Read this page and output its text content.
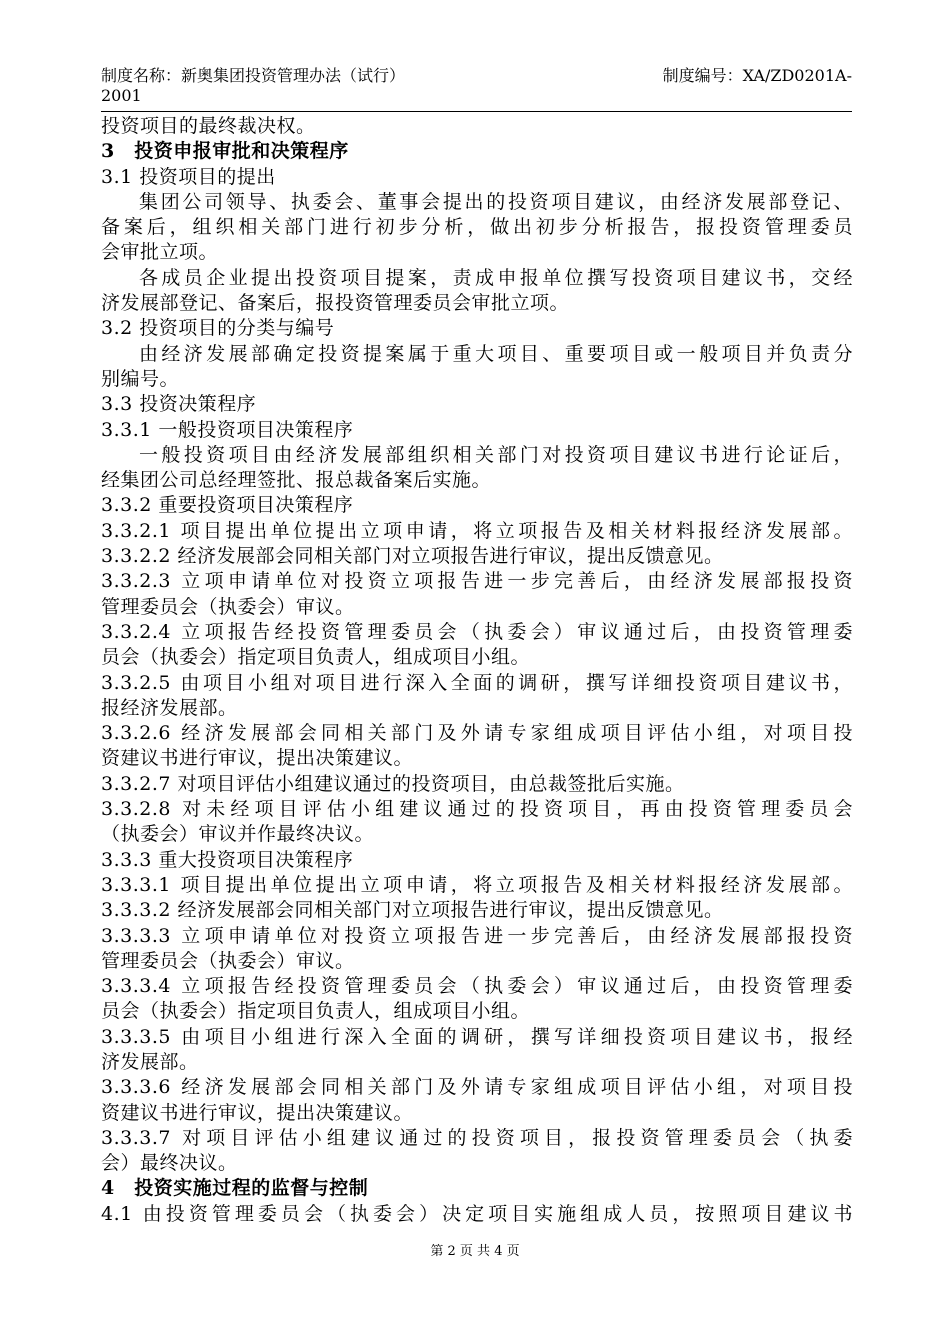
制度名称：新奥集团投资管理办法（试行）	制度编号：XA/ZD0201A-
2001
投资项目的最终裁决权。
3　投资申报审批和决策程序
3.1 投资项目的提出
集团公司领导、执委会、董事会提出的投资项目建议，由经济发展部登记、
备案后，组织相关部门进行初步分析，做出初步分析报告，报投资管理委员
会审批立项。
各成员企业提出投资项目提案，责成申报单位撰写投资项目建议书，交经
济发展部登记、备案后，报投资管理委员会审批立项。
3.2 投资项目的分类与编号
由经济发展部确定投资提案属于重大项目、重要项目或一般项目并负责分
别编号。
3.3 投资决策程序
3.3.1 一般投资项目决策程序
一般投资项目由经济发展部组织相关部门对投资项目建议书进行论证后，
经集团公司总经理签批、报总裁备案后实施。
3.3.2 重要投资项目决策程序
3.3.2.1 项目提出单位提出立项申请，将立项报告及相关材料报经济发展部。
3.3.2.2 经济发展部会同相关部门对立项报告进行审议，提出反馈意见。
3.3.2.3 立项申请单位对投资立项报告进一步完善后，由经济发展部报投资
管理委员会（执委会）审议。
3.3.2.4 立项报告经投资管理委员会（执委会）审议通过后，由投资管理委
员会（执委会）指定项目负责人，组成项目小组。
3.3.2.5 由项目小组对项目进行深入全面的调研，撰写详细投资项目建议书，
报经济发展部。
3.3.2.6 经济发展部会同相关部门及外请专家组成项目评估小组，对项目投
资建议书进行审议，提出决策建议。
3.3.2.7 对项目评估小组建议通过的投资项目，由总裁签批后实施。
3.3.2.8 对未经项目评估小组建议通过的投资项目，再由投资管理委员会
（执委会）审议并作最终决议。
3.3.3 重大投资项目决策程序
3.3.3.1 项目提出单位提出立项申请，将立项报告及相关材料报经济发展部。
3.3.3.2 经济发展部会同相关部门对立项报告进行审议，提出反馈意见。
3.3.3.3 立项申请单位对投资立项报告进一步完善后，由经济发展部报投资
管理委员会（执委会）审议。
3.3.3.4 立项报告经投资管理委员会（执委会）审议通过后，由投资管理委
员会（执委会）指定项目负责人，组成项目小组。
3.3.3.5 由项目小组进行深入全面的调研，撰写详细投资项目建议书，报经
济发展部。
3.3.3.6 经济发展部会同相关部门及外请专家组成项目评估小组，对项目投
资建议书进行审议，提出决策建议。
3.3.3.7 对项目评估小组建议通过的投资项目，报投资管理委员会（执委
会）最终决议。
4　投资实施过程的监督与控制
4.1 由投资管理委员会（执委会）决定项目实施组成人员，按照项目建议书
第 2 页 共 4 页
